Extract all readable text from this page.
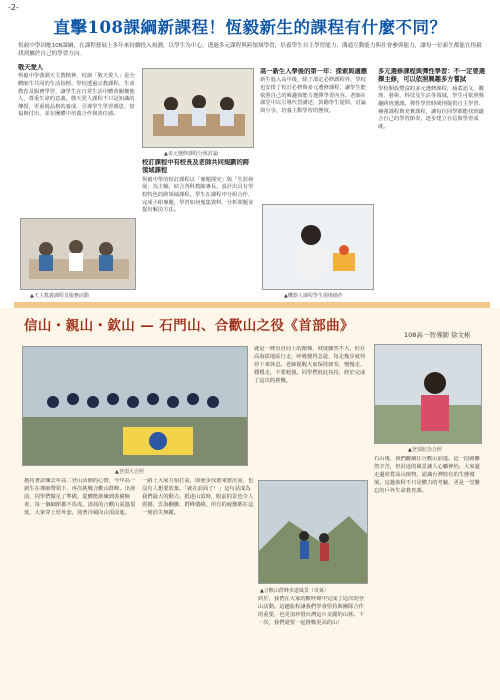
-2-
直擊108課綱新課程！恆毅新生的課程有什麼不同？
恆毅中學因應108課綱，在課程發展上多年來持續投入規劃，以學生為中心，透過多元課程與跨領域學習，培養學生自主學習能力、溝通互動能力與社會參與能力，讓每一位新生都能在恆毅找到屬於自己的學習方向。
敬天愛人
恆毅中學強調天主教精神，校訓「敬天愛人」是全體師生共同的生活指標。學校透過宗教課程、生命教育及服務學習，讓學生在日常生活中體會關懷他人、尊重生命的意義。敬天愛人課程不只是知識的傳授，更重視品格的養成，引導學生學習感恩、惜福與付出，並在團體中培養合作與責任感。
▲天主教義課程及服務活動
▲多元選修課程分組討論
校訂課程中有校長及老師共同規劃的跨領域課程
恆毅中學的校訂課程以「專題探究」與「生涯發展」為主軸，結合各科教師專長，設計出具有學校特色的跨領域課程。學生在課程中分組合作，完成小組專題，學習如何蒐集資料、分析問題並提出解決方法。
高一新生入學後的第一年：探索與適應
新生進入高中後，除了部定必修課程外，學校也安排了校訂必修與多元選修課程，讓學生能依照自己的興趣與能力選擇學習內容。老師在課堂中以引導代替講述，鼓勵學生提問、討論與分享，培養主動學習的態度。
▲機器人課程學生現場操作
多元選修課程與彈性學習：不一定要選擇主修，可以依照興趣多方嘗試
學校開設豐富的多元選修課程，涵蓋語文、數理、藝術、科技及生活等領域，學生可依照興趣跨班選課。彈性學習時間則提供自主學習、補強課程與充實課程，讓每位同學都能找到適合自己的學習節奏，逐步建立自信與學習成就。
信山・親山・欽山 — 石門山、合歡山之役《首部曲》
108高一智導師 徐文彬
▲登頂大合照
就是一條直直向上的階梯，坡度雖然不大，但在高海拔地區行走，呼吸變得急促，每走幾步就得停下來休息。老師提醒大家保持節奏，慢慢走、穩穩走，不要勉強。同學們彼此扶持，終於完成了這次的挑戰。
▲登頂紀念合照
石山後，我們繼續往合歡山前進。這一段路雖然辛苦，但沿途的風景讓人心曠神怡。大家邊走邊欣賞高山植物，認識台灣特有的生態環境。這趟旅程不只是體力的考驗，更是一堂難忘的戶外生命教育課。
抱持著試煉去年高二登山活動的心情，今年高一新生在導師帶領下，再次挑戰合歡山群峰。出發前，同學們做足了準備，從體能訓練到裝備檢查，每一個細節都不馬虎。清晨的合歡山氣溫很低，大家穿上厚外套，迎著冷風向山頂前進。
一路上大家互相打氣，即使步伐愈來愈沉重，也沒有人想要放棄。「就在前面了！」這句話成為我們最大的動力。抵達山頂時，眼前的景色令人震撼，雲海翻騰、群峰環繞，所有的疲憊都在這一刻消失無蹤。
▲合歡山群峰步道風景（奇萊）
終於，我們在大家的歡呼聲中完成了這次的登山活動。這趟旅程讓我們學會堅持與團隊合作的重要，也更加珍惜台灣這片美麗的山林。下一次，我們還要一起挑戰更高的山！
